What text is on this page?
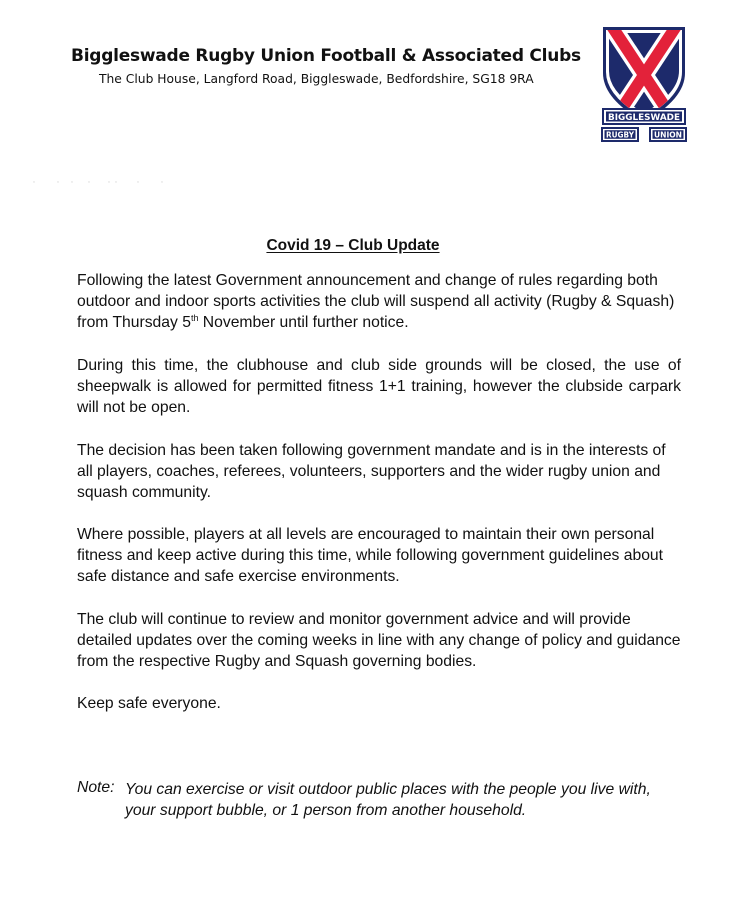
Biggleswade Rugby Union Football & Associated Clubs
The Club House, Langford Road, Biggleswade, Bedfordshire, SG18 9RA
BIGGLESWADE
RUGBY	UNION
Covid 19 – Club Update

Following the latest Government announcement and change of rules regarding both outdoor and indoor sports activities the club will suspend all activity (Rugby & Squash) from Thursday 5th November until further notice.

During this time, the clubhouse and club side grounds will be closed, the use of sheepwalk is allowed for permitted fitness 1+1 training, however the clubside carpark will not be open.

The decision has been taken following government mandate and is in the interests of all players, coaches, referees, volunteers, supporters and the wider rugby union and squash community.

Where possible, players at all levels are encouraged to maintain their own personal fitness and keep active during this time, while following government guidelines about safe distance and safe exercise environments.

The club will continue to review and monitor government advice and will provide detailed updates over the coming weeks in line with any change of policy and guidance from the respective Rugby and Squash governing bodies.

Keep safe everyone.

Note: You can exercise or visit outdoor public places with the people you live with, your support bubble, or 1 person from another household.
